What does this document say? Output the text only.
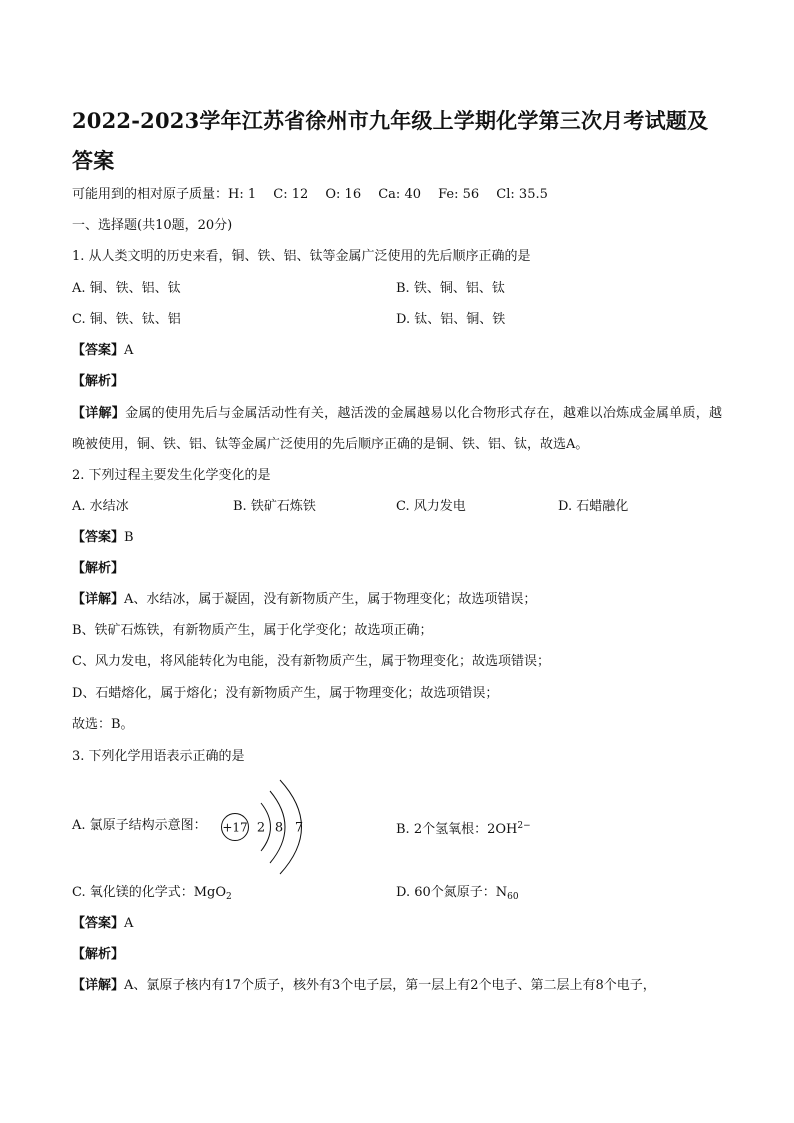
2022-2023学年江苏省徐州市九年级上学期化学第三次月考试题及答案
可能用到的相对原子质量：H: 1　 C: 12　 O: 16　 Ca: 40　 Fe: 56　 Cl: 35.5
一、选择题(共10题，20分)
1. 从人类文明的历史来看，铜、铁、铝、钛等金属广泛使用的先后顺序正确的是
A. 铜、铁、铝、钛	B. 铁、铜、铝、钛
C. 铜、铁、钛、铝	D. 钛、铝、铜、铁
【答案】A
【解析】
【详解】金属的使用先后与金属活动性有关，越活泼的金属越易以化合物形式存在，越难以冶炼成金属单质，越晚被使用，铜、铁、铝、钛等金属广泛使用的先后顺序正确的是铜、铁、铝、钛，故选A。
2. 下列过程主要发生化学变化的是
A. 水结冰	B. 铁矿石炼铁	C. 风力发电	D. 石蜡融化
【答案】B
【解析】
【详解】A、水结冰，属于凝固，没有新物质产生，属于物理变化；故选项错误；
B、铁矿石炼铁，有新物质产生，属于化学变化；故选项正确；
C、风力发电，将风能转化为电能，没有新物质产生，属于物理变化；故选项错误；
D、石蜡熔化，属于熔化；没有新物质产生，属于物理变化；故选项错误；
故选：B。
3. 下列化学用语表示正确的是
A. 氯原子结构示意图： +17 2 8 7	B. 2个氢氧根：$2OH^{2-}$
C. 氧化镁的化学式：MgO$_2$	D. 60个氮原子：$N_{60}$
【答案】A
【解析】
【详解】A、氯原子核内有17个质子，核外有3个电子层，第一层上有2个电子、第二层上有8个电子，
